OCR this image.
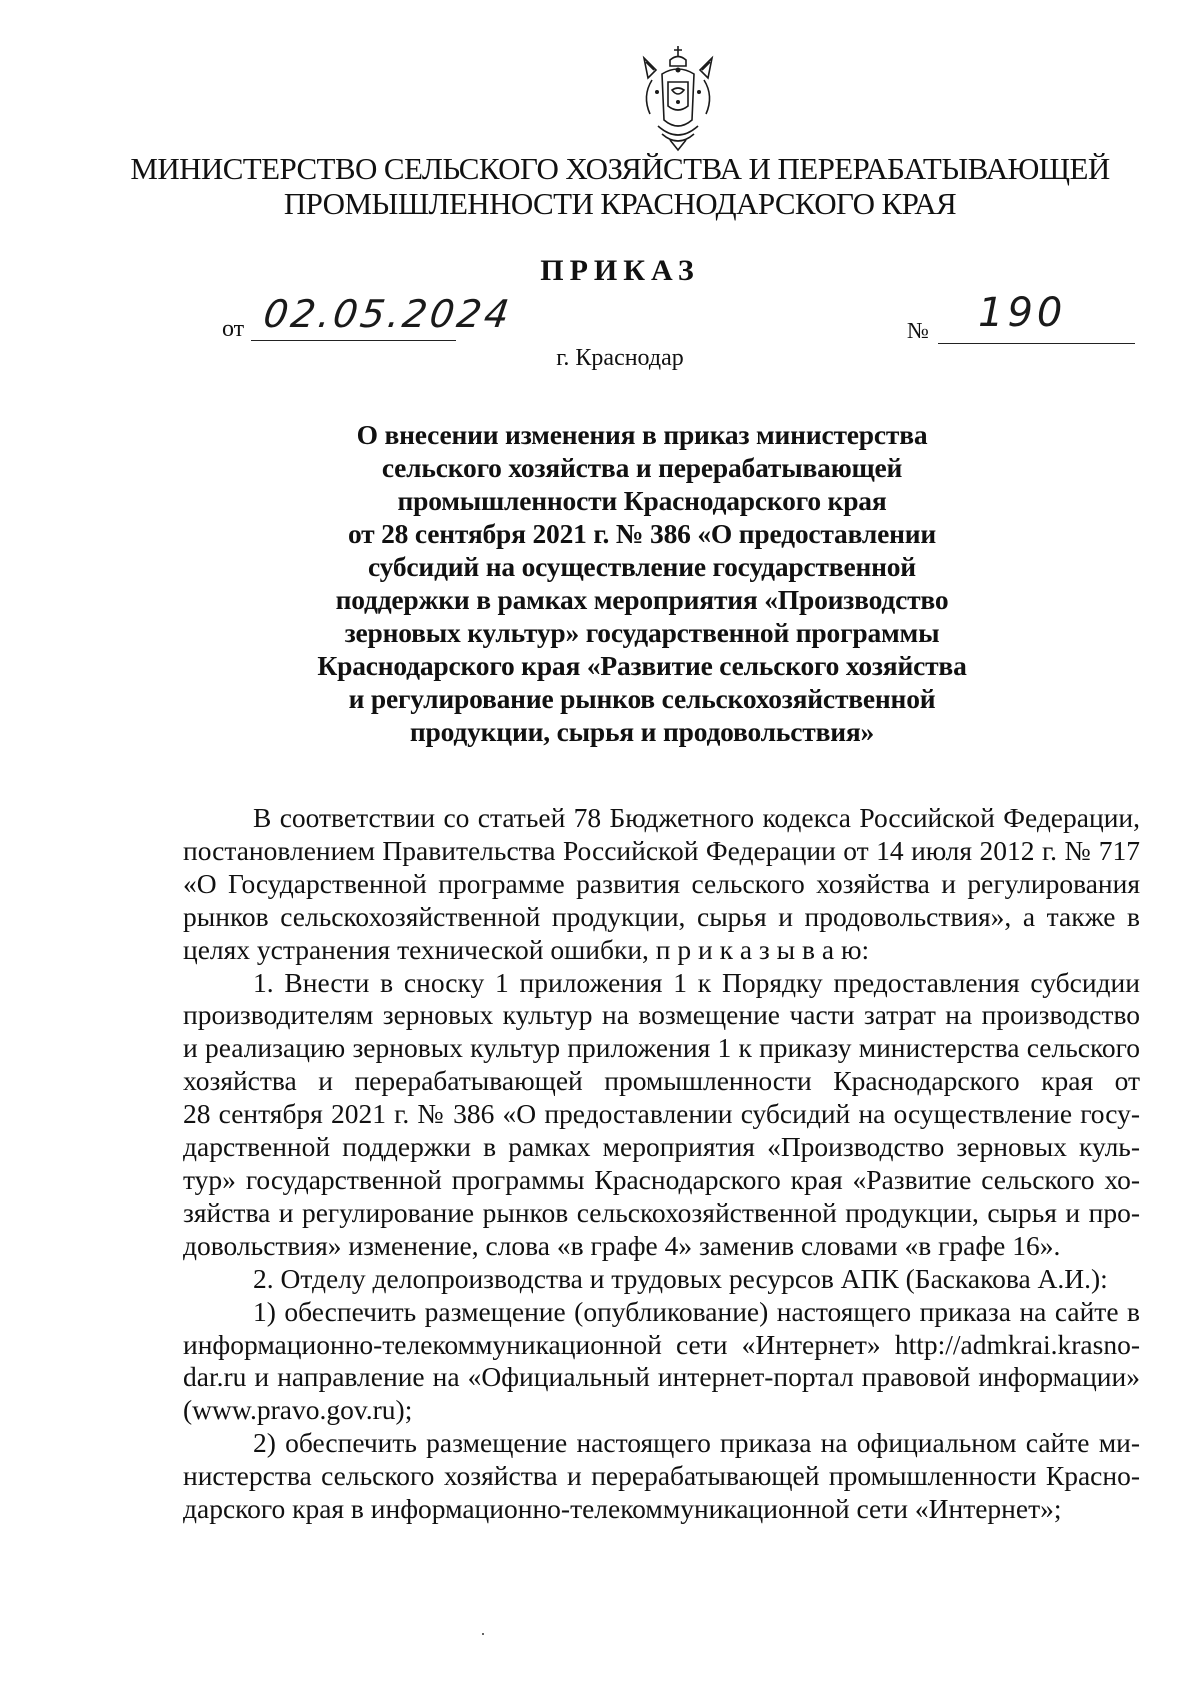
МИНИСТЕРСТВО СЕЛЬСКОГО ХОЗЯЙСТВА И ПЕРЕРАБАТЫВАЮЩЕЙ
ПРОМЫШЛЕННОСТИ КРАСНОДАРСКОГО КРАЯ
ПРИКАЗ
от 02.05.2024	№ 190
г. Краснодар
О внесении изменения в приказ министерства
сельского хозяйства и перерабатывающей
промышленности Краснодарского края
от 28 сентября 2021 г. № 386 «О предоставлении
субсидий на осуществление государственной
поддержки в рамках мероприятия «Производство
зерновых культур» государственной программы
Краснодарского края «Развитие сельского хозяйства
и регулирование рынков сельскохозяйственной
продукции, сырья и продовольствия»
В соответствии со статьей 78 Бюджетного кодекса Российской Федерации,
постановлением Правительства Российской Федерации от 14 июля 2012 г. № 717
«О Государственной программе развития сельского хозяйства и регулирования
рынков сельскохозяйственной продукции, сырья и продовольствия», а также в
целях устранения технической ошибки, п р и к а з ы в а ю:
1. Внести в сноску 1 приложения 1 к Порядку предоставления субсидии
производителям зерновых культур на возмещение части затрат на производство
и реализацию зерновых культур приложения 1 к приказу министерства сельского
хозяйства и перерабатывающей промышленности Краснодарского края от
28 сентября 2021 г. № 386 «О предоставлении субсидий на осуществление госу-
дарственной поддержки в рамках мероприятия «Производство зерновых куль-
тур» государственной программы Краснодарского края «Развитие сельского хо-
зяйства и регулирование рынков сельскохозяйственной продукции, сырья и про-
довольствия» изменение, слова «в графе 4» заменив словами «в графе 16».
2. Отделу делопроизводства и трудовых ресурсов АПК (Баскакова А.И.):
1) обеспечить размещение (опубликование) настоящего приказа на сайте в
информационно-телекоммуникационной сети «Интернет» http://admkrai.krasno-
dar.ru и направление на «Официальный интернет-портал правовой информации»
(www.pravo.gov.ru);
2) обеспечить размещение настоящего приказа на официальном сайте ми-
нистерства сельского хозяйства и перерабатывающей промышленности Красно-
дарского края в информационно-телекоммуникационной сети «Интернет»;
